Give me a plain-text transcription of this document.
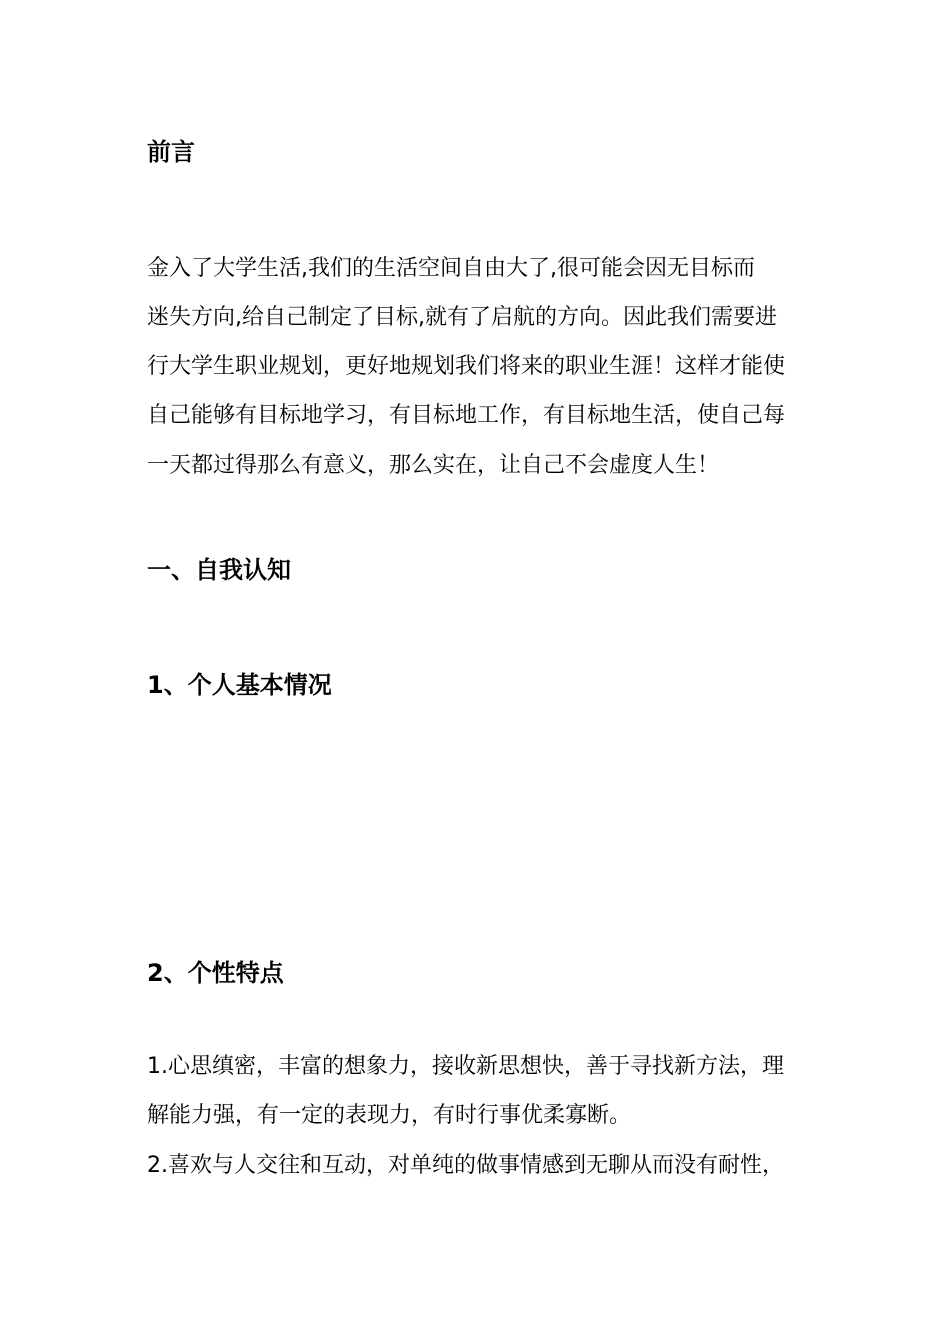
前言

金入了大学生活,我们的生活空间自由大了,很可能会因无目标而

迷失方向,给自己制定了目标,就有了启航的方向。因此我们需要进

行大学生职业规划，更好地规划我们将来的职业生涯！这样才能使

自己能够有目标地学习，有目标地工作，有目标地生活，使自己每

一天都过得那么有意义，那么实在，让自己不会虚度人生！

一、自我认知
1、个人基本情况
2、个性特点

1.心思缜密，丰富的想象力，接收新思想快，善于寻找新方法，理

解能力强，有一定的表现力，有时行事优柔寡断。

2.喜欢与人交往和互动，对单纯的做事情感到无聊从而没有耐性，
